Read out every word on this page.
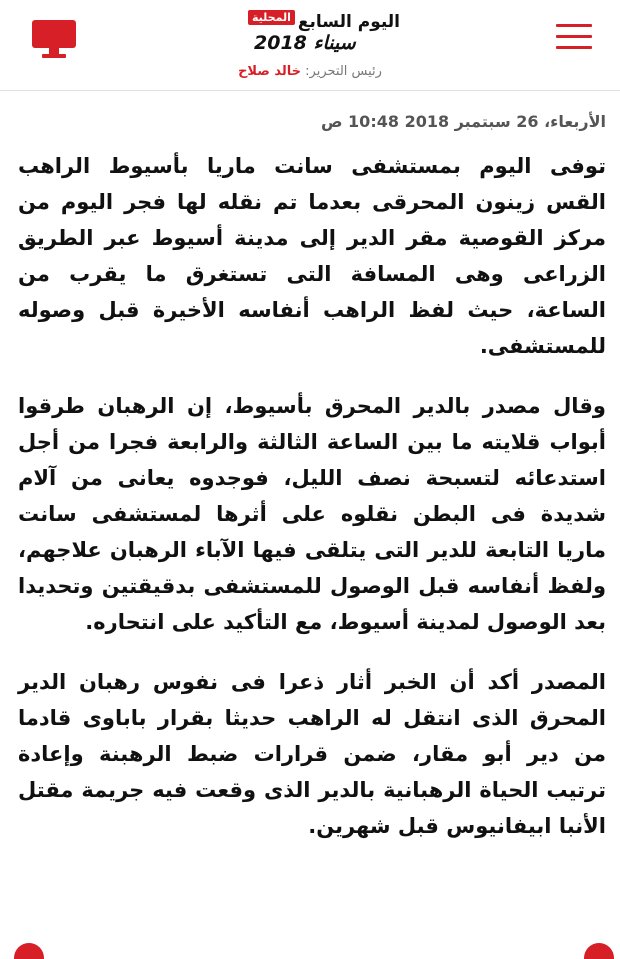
المحلية اليوم السابع
سيناء 2018
رئيس التحرير: خالد صلاح
الأربعاء، 26 سبتمبر 2018 10:48 ص

توفى اليوم بمستشفى سانت ماريا بأسيوط الراهب القس زينون المحرقى بعدما تم نقله لها فجر اليوم من مركز القوصية مقر الدير إلى مدينة أسيوط عبر الطريق الزراعى وهى المسافة التى تستغرق ما يقرب من الساعة، حيث لفظ الراهب أنفاسه الأخيرة قبل وصوله للمستشفى.

وقال مصدر بالدير المحرق بأسيوط، إن الرهبان طرقوا أبواب قلايته ما بين الساعة الثالثة والرابعة فجرا من أجل استدعائه لتسبحة نصف الليل، فوجدوه يعانى من آلام شديدة فى البطن نقلوه على أثرها لمستشفى سانت ماريا التابعة للدير التى يتلقى فيها الآباء الرهبان علاجهم، ولفظ أنفاسه قبل الوصول للمستشفى بدقيقتين وتحديدا بعد الوصول لمدينة أسيوط، مع التأكيد على انتحاره.

المصدر أكد أن الخبر أثار ذعرا فى نفوس رهبان الدير المحرق الذى انتقل له الراهب حديثا بقرار باباوى قادما من دير أبو مقار، ضمن قرارات ضبط الرهبنة وإعادة ترتيب الحياة الرهبانية بالدير الذى وقعت فيه جريمة مقتل الأنبا ابيفانيوس قبل شهرين.
